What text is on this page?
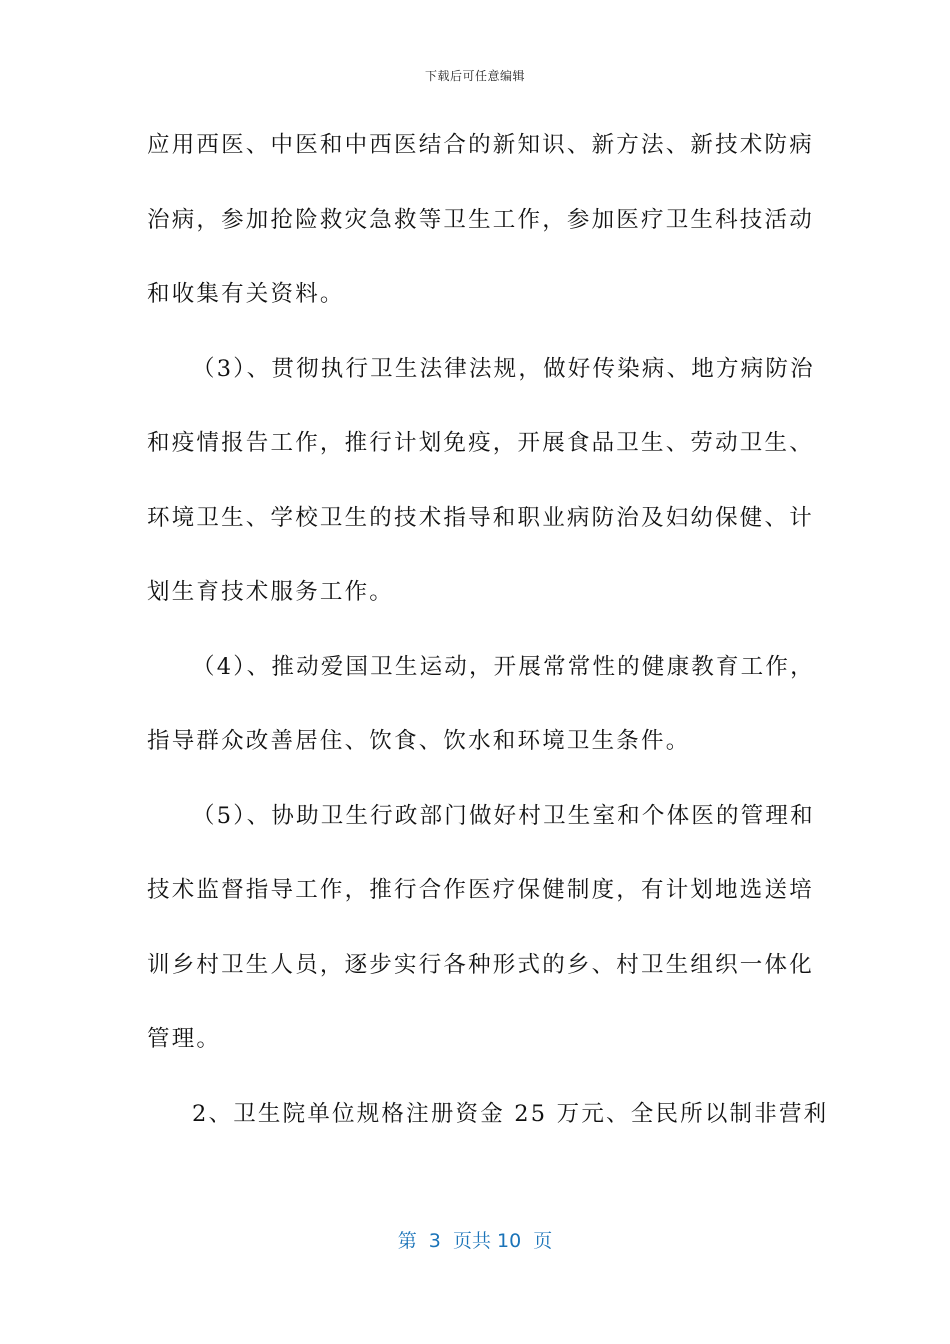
下载后可任意编辑
应用西医、中医和中西医结合的新知识、新方法、新技术防病
治病，参加抢险救灾急救等卫生工作，参加医疗卫生科技活动
和收集有关资料。
（3）、贯彻执行卫生法律法规，做好传染病、地方病防治
和疫情报告工作，推行计划免疫，开展食品卫生、劳动卫生、
环境卫生、学校卫生的技术指导和职业病防治及妇幼保健、计
划生育技术服务工作。
（4）、推动爱国卫生运动，开展常常性的健康教育工作，
指导群众改善居住、饮食、饮水和环境卫生条件。
（5）、协助卫生行政部门做好村卫生室和个体医的管理和
技术监督指导工作，推行合作医疗保健制度，有计划地选送培
训乡村卫生人员，逐步实行各种形式的乡、村卫生组织一体化
管理。
2、卫生院单位规格注册资金 25 万元、全民所以制非营利
第  3  页共 10  页
